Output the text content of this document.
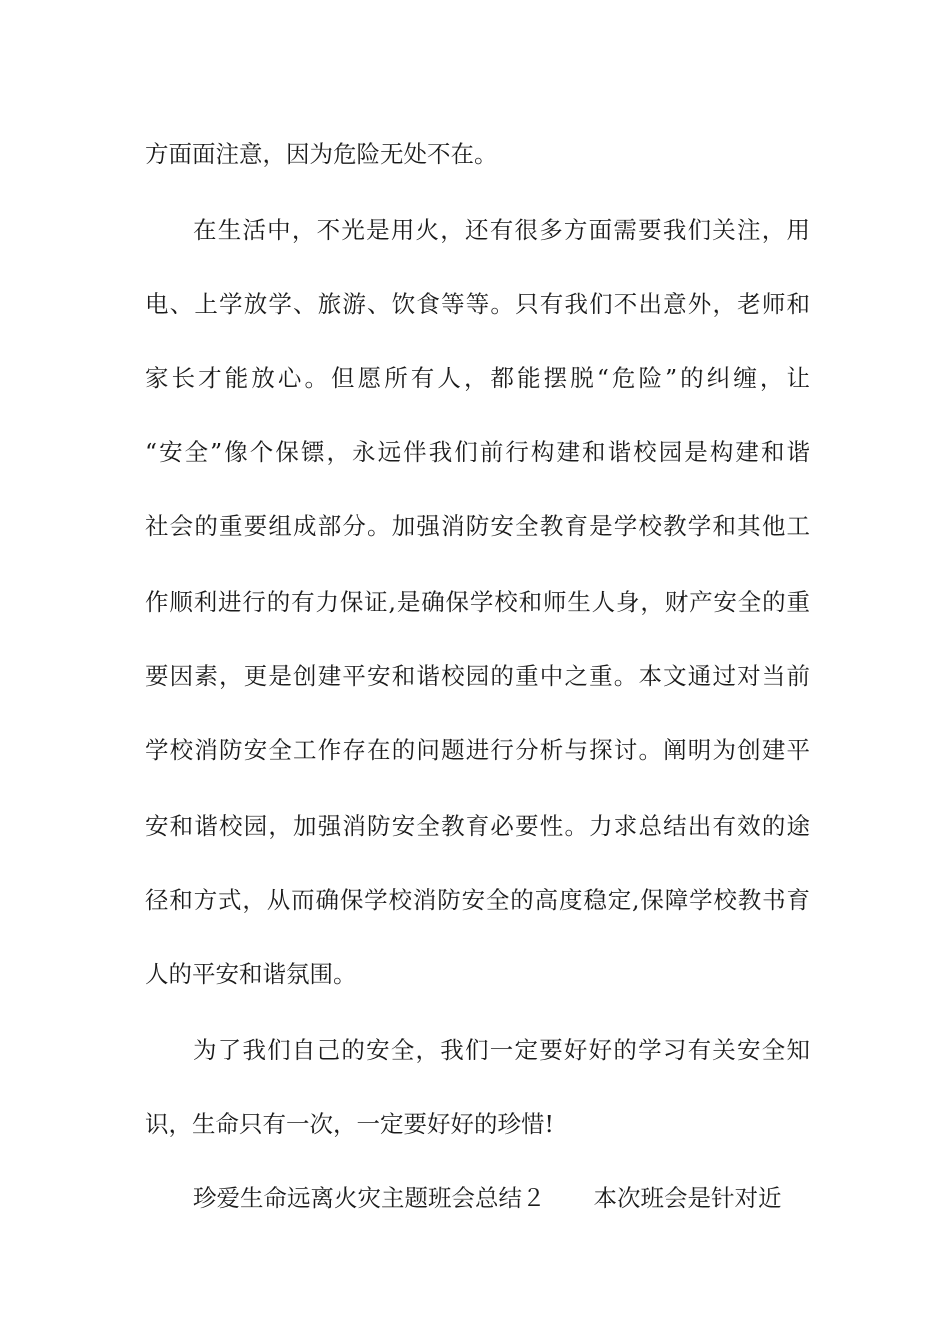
方面面注意，因为危险无处不在。
在生活中，不光是用火，还有很多方面需要我们关注，用
电、上学放学、旅游、饮食等等。只有我们不出意外，老师和
家长才能放心。但愿所有人，都能摆脱“危险”的纠缠，让
“安全”像个保镖，永远伴我们前行构建和谐校园是构建和谐
社会的重要组成部分。加强消防安全教育是学校教学和其他工
作顺利进行的有力保证,是确保学校和师生人身，财产安全的重
要因素，更是创建平安和谐校园的重中之重。本文通过对当前
学校消防安全工作存在的问题进行分析与探讨。阐明为创建平
安和谐校园，加强消防安全教育必要性。力求总结出有效的途
径和方式，从而确保学校消防安全的高度稳定,保障学校教书育
人的平安和谐氛围。
为了我们自己的安全，我们一定要好好的学习有关安全知
识，生命只有一次，一定要好好的珍惜!
珍爱生命远离火灾主题班会总结２ 本次班会是针对近
